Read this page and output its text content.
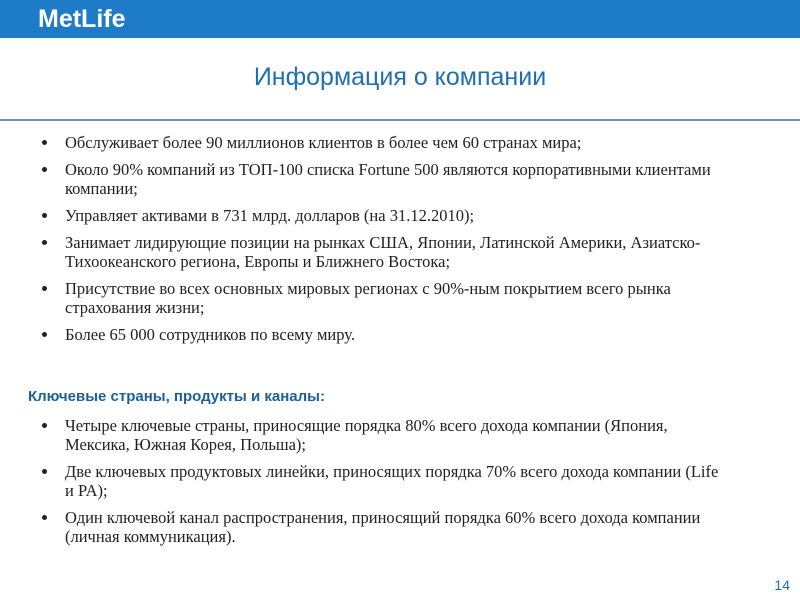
MetLife
Информация о компании
Обслуживает более 90 миллионов клиентов в более чем 60 странах мира;
Около 90% компаний из ТОП-100 списка Fortune 500 являются корпоративными клиентами компании;
Управляет активами в 731 млрд. долларов (на 31.12.2010);
Занимает лидирующие позиции на рынках США, Японии, Латинской Америки, Азиатско-Тихоокеанского региона, Европы и Ближнего Востока;
Присутствие во всех основных мировых регионах с 90%-ным покрытием всего рынка страхования жизни;
Более 65 000 сотрудников по всему миру.
Ключевые страны, продукты и каналы:
Четыре ключевые страны, приносящие порядка 80% всего дохода компании (Япония, Мексика, Южная Корея, Польша);
Две ключевых продуктовых линейки, приносящих порядка 70% всего дохода компании (Life и PA);
Один ключевой канал распространения, приносящий порядка 60% всего дохода компании (личная коммуникация).
14
